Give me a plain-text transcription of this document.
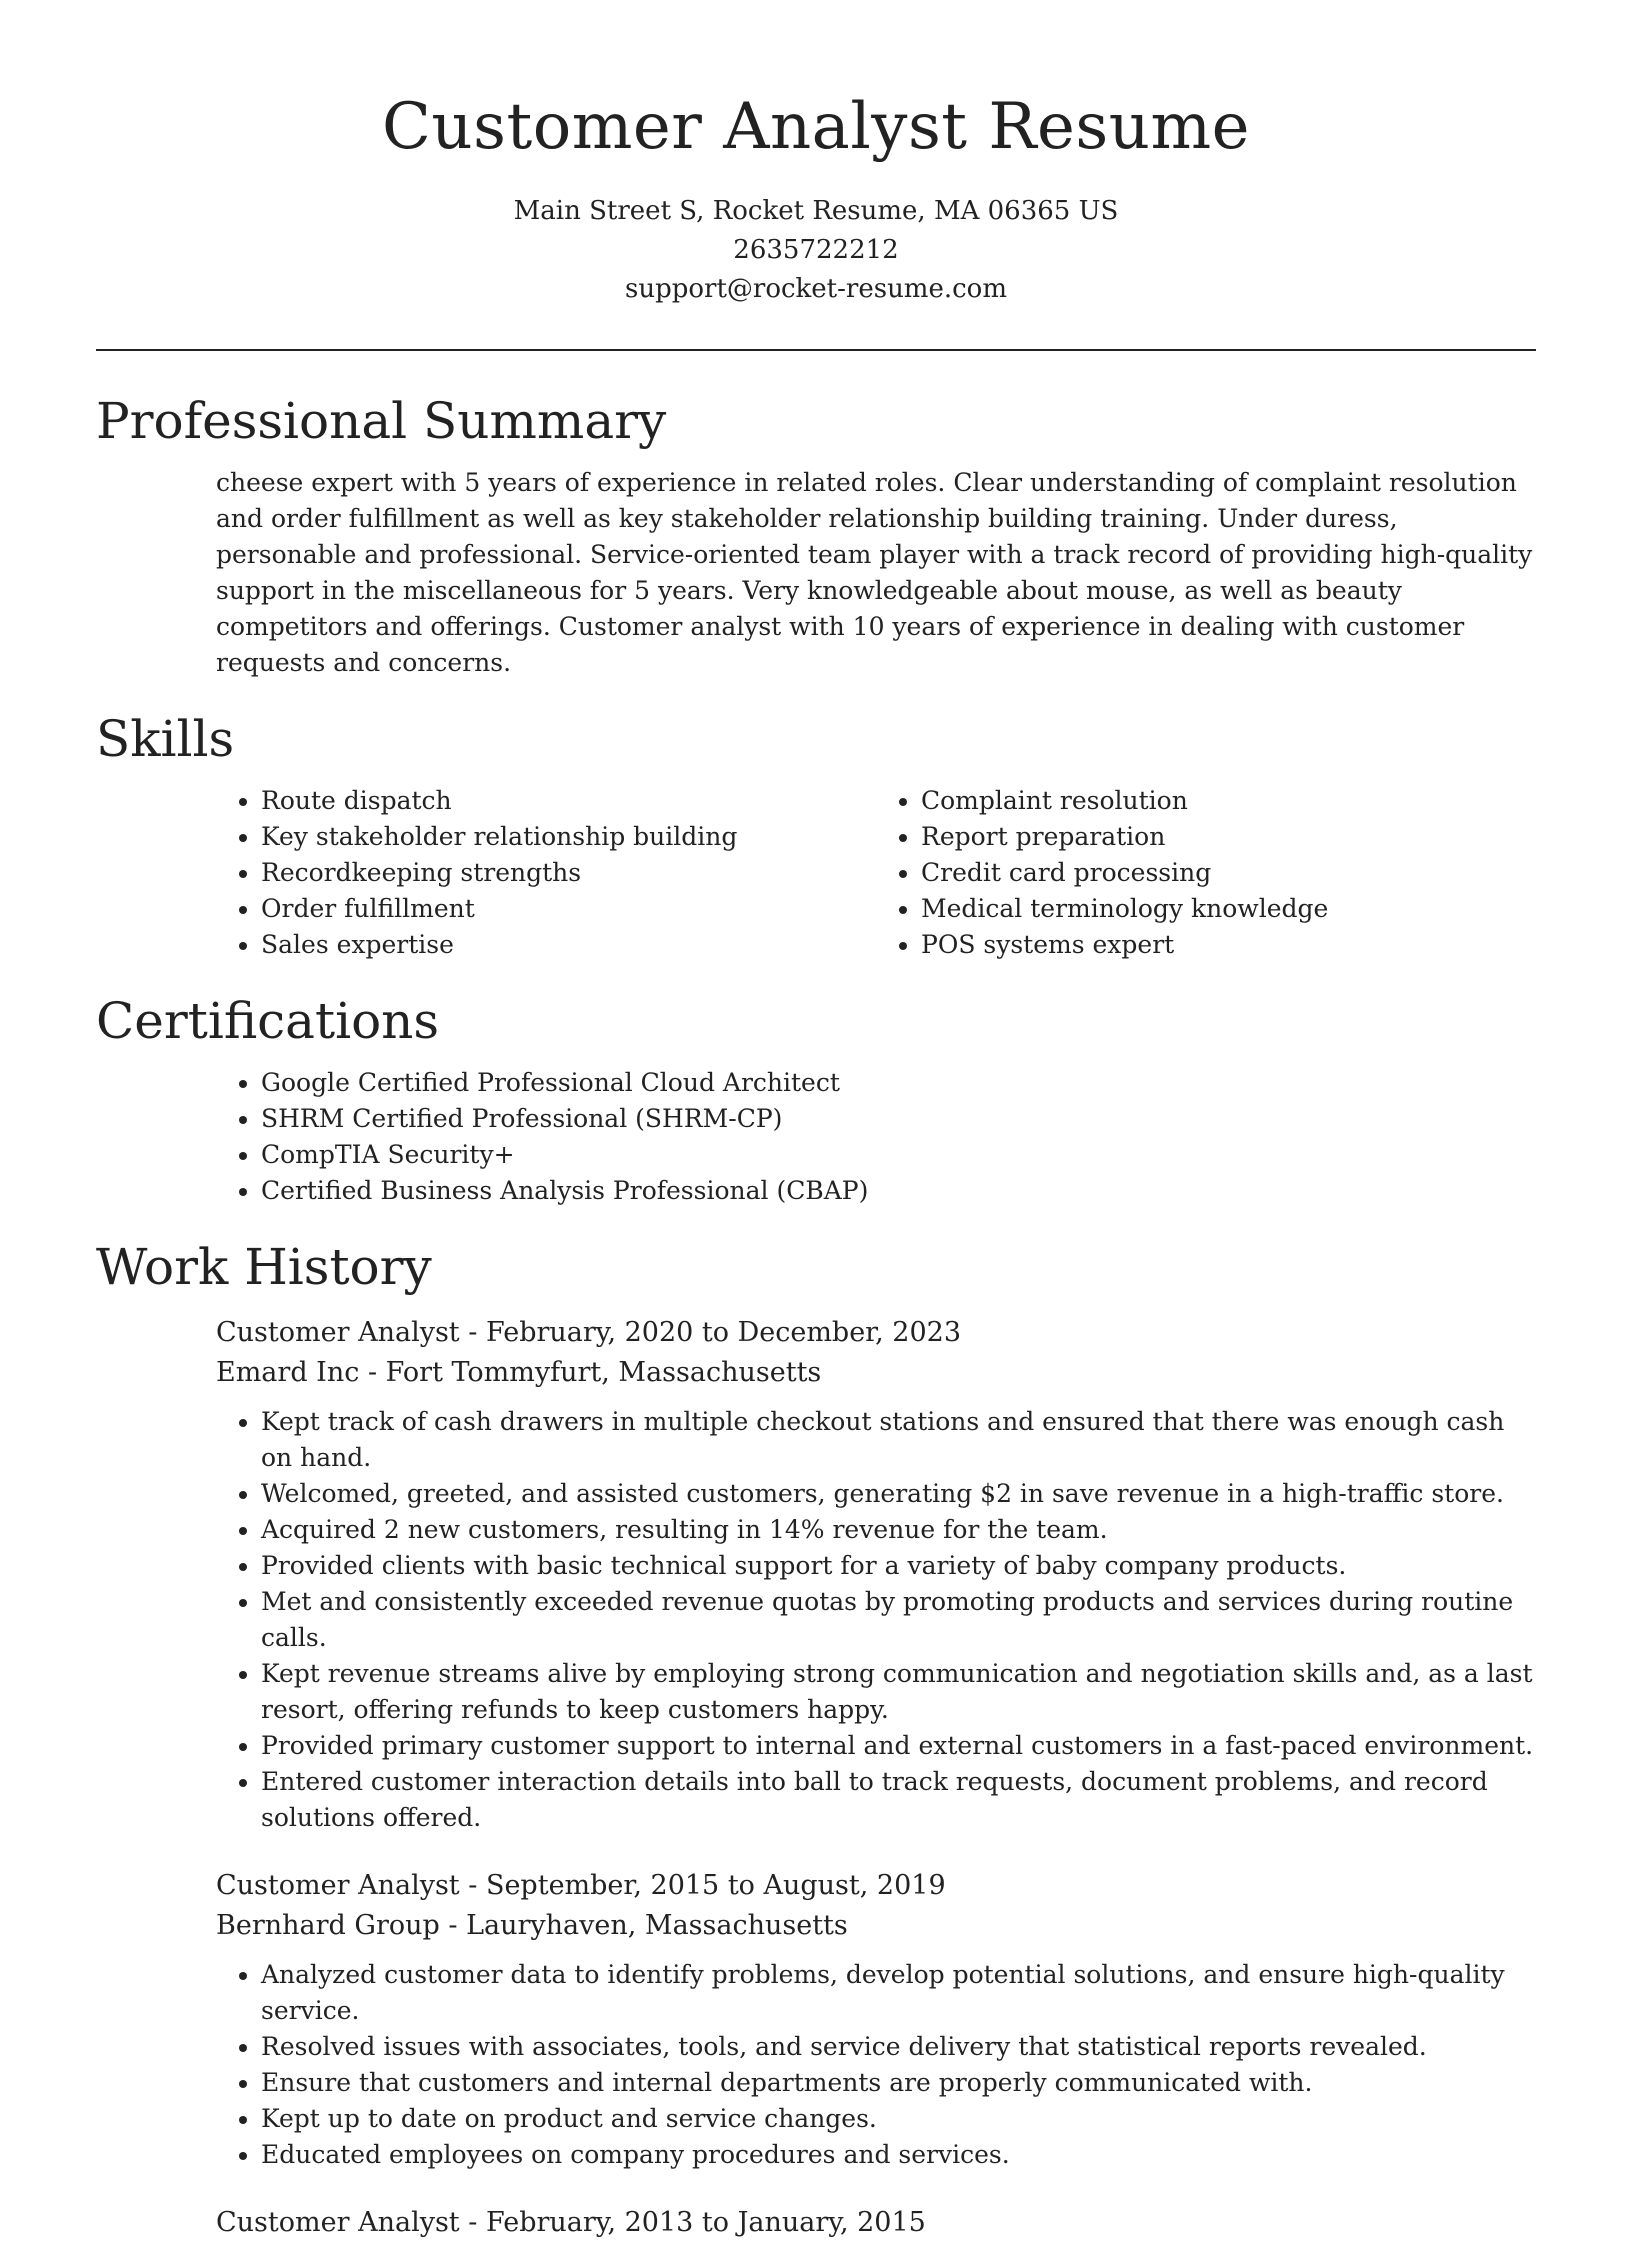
Customer Analyst Resume
Main Street S, Rocket Resume, MA 06365 US
2635722212
support@rocket-resume.com
Professional Summary

cheese expert with 5 years of experience in related roles. Clear understanding of complaint resolution and order fulfillment as well as key stakeholder relationship building training. Under duress, personable and professional. Service-oriented team player with a track record of providing high-quality support in the miscellaneous for 5 years. Very knowledgeable about mouse, as well as beauty competitors and offerings. Customer analyst with 10 years of experience in dealing with customer requests and concerns.

Skills
• Route dispatch
• Key stakeholder relationship building
• Recordkeeping strengths
• Order fulfillment
• Sales expertise
• Complaint resolution
• Report preparation
• Credit card processing
• Medical terminology knowledge
• POS systems expert
Certifications
• Google Certified Professional Cloud Architect
• SHRM Certified Professional (SHRM-CP)
• CompTIA Security+
• Certified Business Analysis Professional (CBAP)
Work History
Customer Analyst - February, 2020 to December, 2023
Emard Inc - Fort Tommyfurt, Massachusetts
• Kept track of cash drawers in multiple checkout stations and ensured that there was enough cash on hand.
• Welcomed, greeted, and assisted customers, generating $2 in save revenue in a high-traffic store.
• Acquired 2 new customers, resulting in 14% revenue for the team.
• Provided clients with basic technical support for a variety of baby company products.
• Met and consistently exceeded revenue quotas by promoting products and services during routine calls.
• Kept revenue streams alive by employing strong communication and negotiation skills and, as a last resort, offering refunds to keep customers happy.
• Provided primary customer support to internal and external customers in a fast-paced environment.
• Entered customer interaction details into ball to track requests, document problems, and record solutions offered.
Customer Analyst - September, 2015 to August, 2019
Bernhard Group - Lauryhaven, Massachusetts
• Analyzed customer data to identify problems, develop potential solutions, and ensure high-quality service.
• Resolved issues with associates, tools, and service delivery that statistical reports revealed.
• Ensure that customers and internal departments are properly communicated with.
• Kept up to date on product and service changes.
• Educated employees on company procedures and services.
Customer Analyst - February, 2013 to January, 2015
